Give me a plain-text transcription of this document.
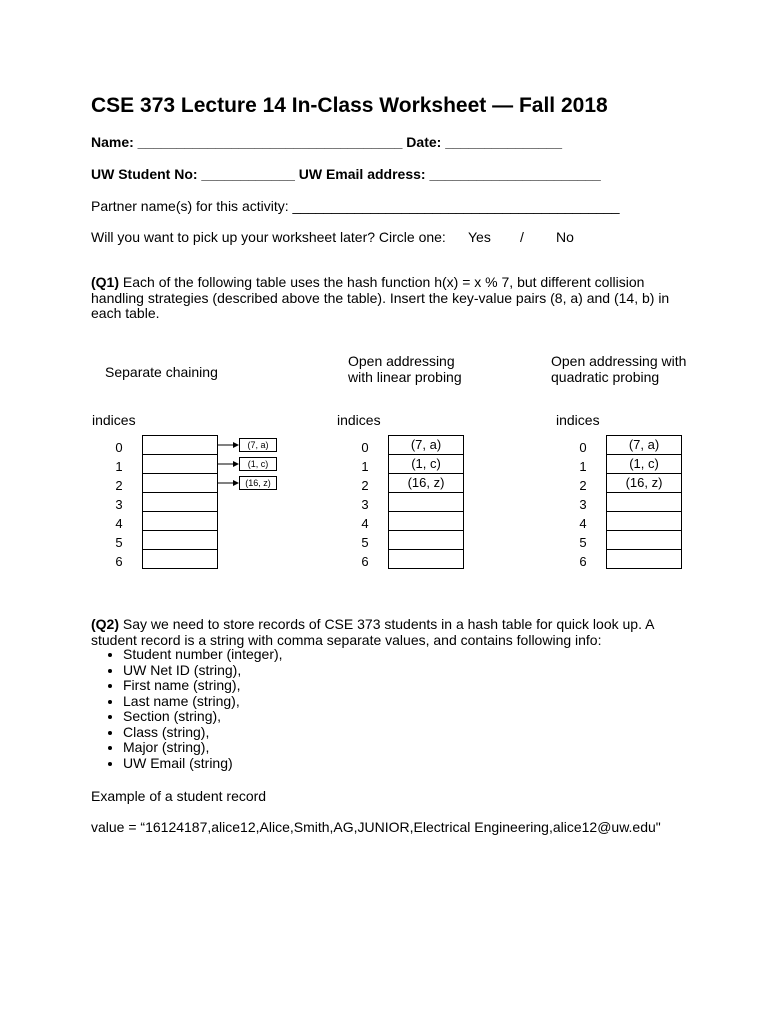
CSE 373 Lecture 14 In-Class Worksheet — Fall 2018
Name: __________________________________ Date: _______________
UW Student No: ____________ UW Email address: ______________________
Partner name(s) for this activity: __________________________________________
Will you want to pick up your worksheet later? Circle one: Yes / No
(Q1) Each of the following table uses the hash function h(x) = x % 7, but different collision handling strategies (described above the table). Insert the key-value pairs (8, a) and (14, b) in each table.
Separate chaining
indices
0
1
2
3
4
5
6
(7, a)
(1, c)
(16, z)
Open addressing
with linear probing
indices
0
1
2
3
4
5
6
(7, a)
(1, c)
(16, z)
Open addressing with
quadratic probing
indices
0
1
2
3
4
5
6
(7, a)
(1, c)
(16, z)
(Q2) Say we need to store records of CSE 373 students in a hash table for quick look up. A student record is a string with comma separate values, and contains following info:
• Student number (integer),
• UW Net ID (string),
• First name (string),
• Last name (string),
• Section (string),
• Class (string),
• Major (string),
• UW Email (string)
Example of a student record
value = “16124187,alice12,Alice,Smith,AG,JUNIOR,Electrical Engineering,alice12@uw.edu"
